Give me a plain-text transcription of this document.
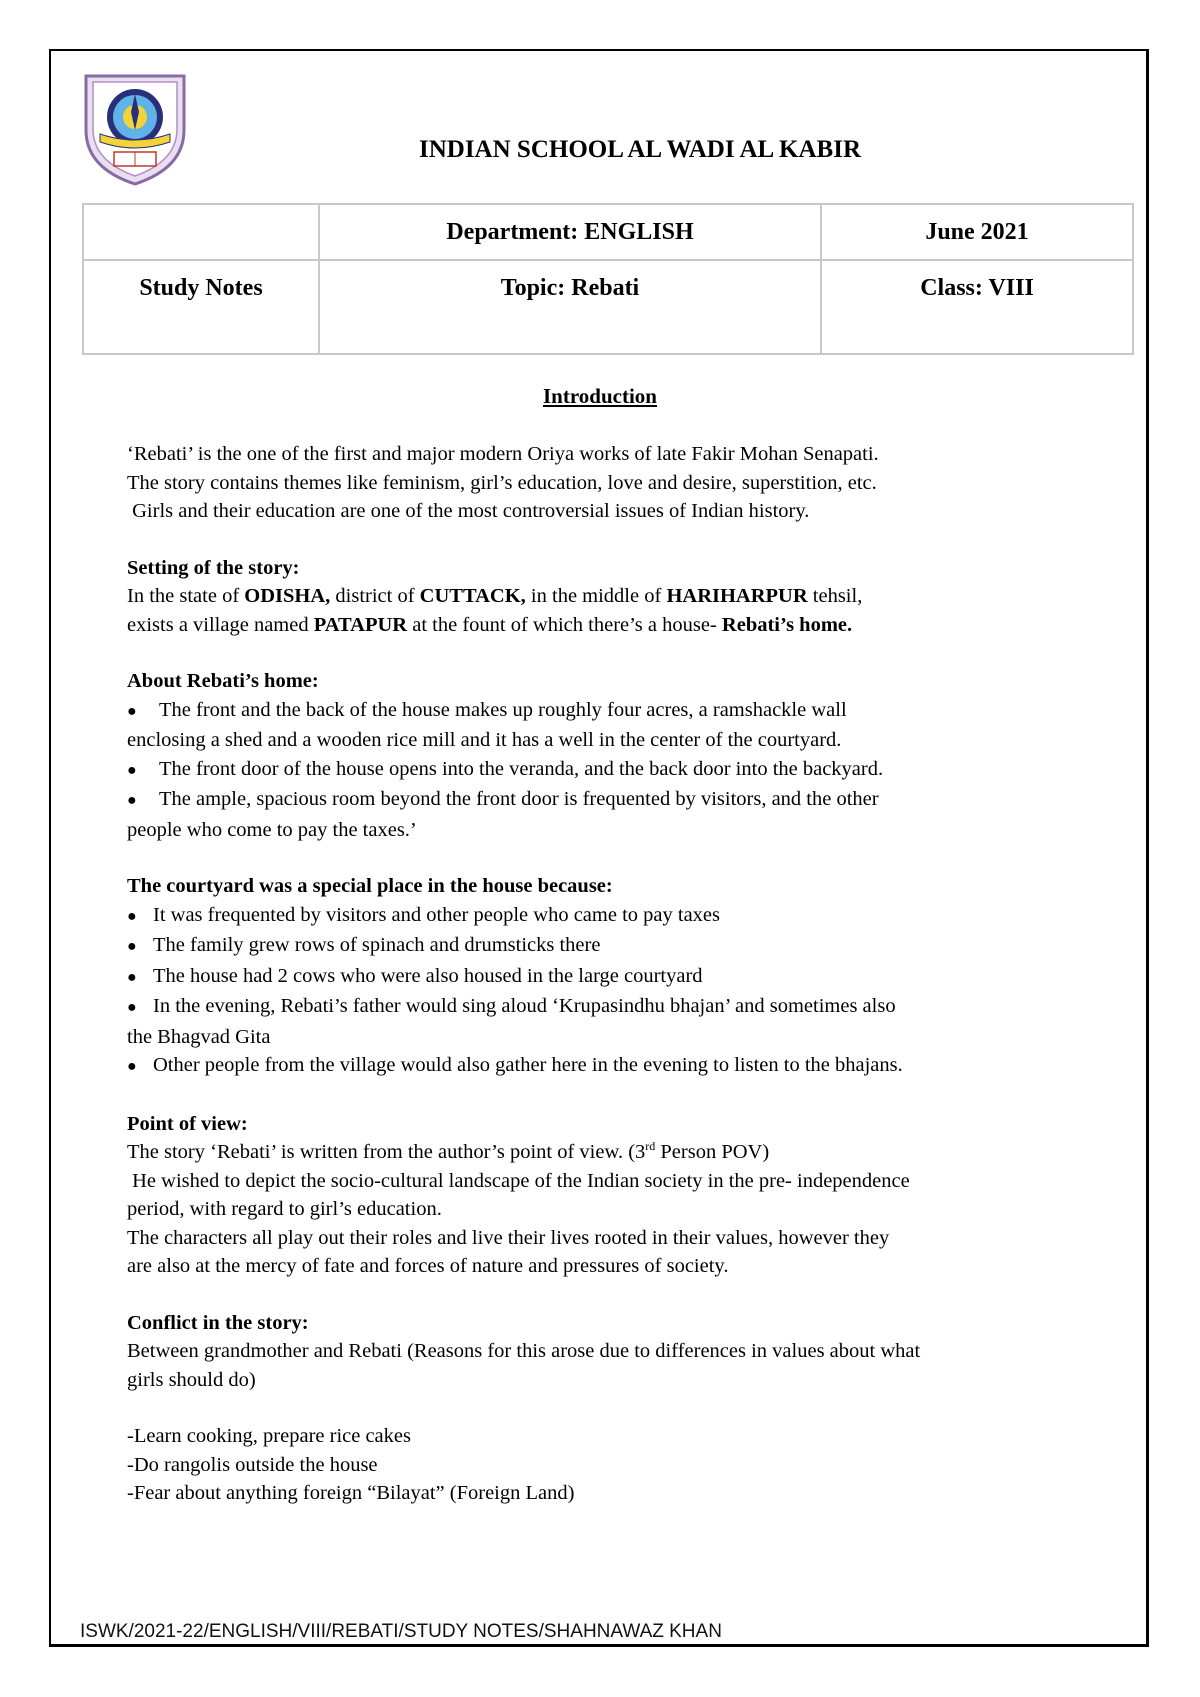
INDIAN SCHOOL AL WADI AL KABIR
	Department: ENGLISH	June 2021
Study Notes	Topic: Rebati	Class: VIII
Introduction

‘Rebati’ is the one of the first and major modern Oriya works of late Fakir Mohan Senapati.

The story contains themes like feminism, girl’s education, love and desire, superstition, etc.

Girls and their education are one of the most controversial issues of Indian history.

Setting of the story:

In the state of ODISHA, district of CUTTACK, in the middle of HARIHARPUR tehsil,

exists a village named PATAPUR at the fount of which there’s a house- Rebati’s home.

About Rebati’s home:

● The front and the back of the house makes up roughly four acres, a ramshackle wall

enclosing a shed and a wooden rice mill and it has a well in the center of the courtyard.

● The front door of the house opens into the veranda, and the back door into the backyard.

● The ample, spacious room beyond the front door is frequented by visitors, and the other

people who come to pay the taxes.’

The courtyard was a special place in the house because:

● It was frequented by visitors and other people who came to pay taxes

● The family grew rows of spinach and drumsticks there

● The house had 2 cows who were also housed in the large courtyard

● In the evening, Rebati’s father would sing aloud ‘Krupasindhu bhajan’ and sometimes also

the Bhagvad Gita

● Other people from the village would also gather here in the evening to listen to the bhajans.

Point of view:

The story ‘Rebati’ is written from the author’s point of view. (3rd Person POV)

He wished to depict the socio-cultural landscape of the Indian society in the pre- independence

period, with regard to girl’s education.

The characters all play out their roles and live their lives rooted in their values, however they

are also at the mercy of fate and forces of nature and pressures of society.

Conflict in the story:

Between grandmother and Rebati (Reasons for this arose due to differences in values about what

girls should do)

-Learn cooking, prepare rice cakes

-Do rangolis outside the house

-Fear about anything foreign “Bilayat” (Foreign Land)

ISWK/2021-22/ENGLISH/VIII/REBATI/STUDY NOTES/SHAHNAWAZ KHAN
